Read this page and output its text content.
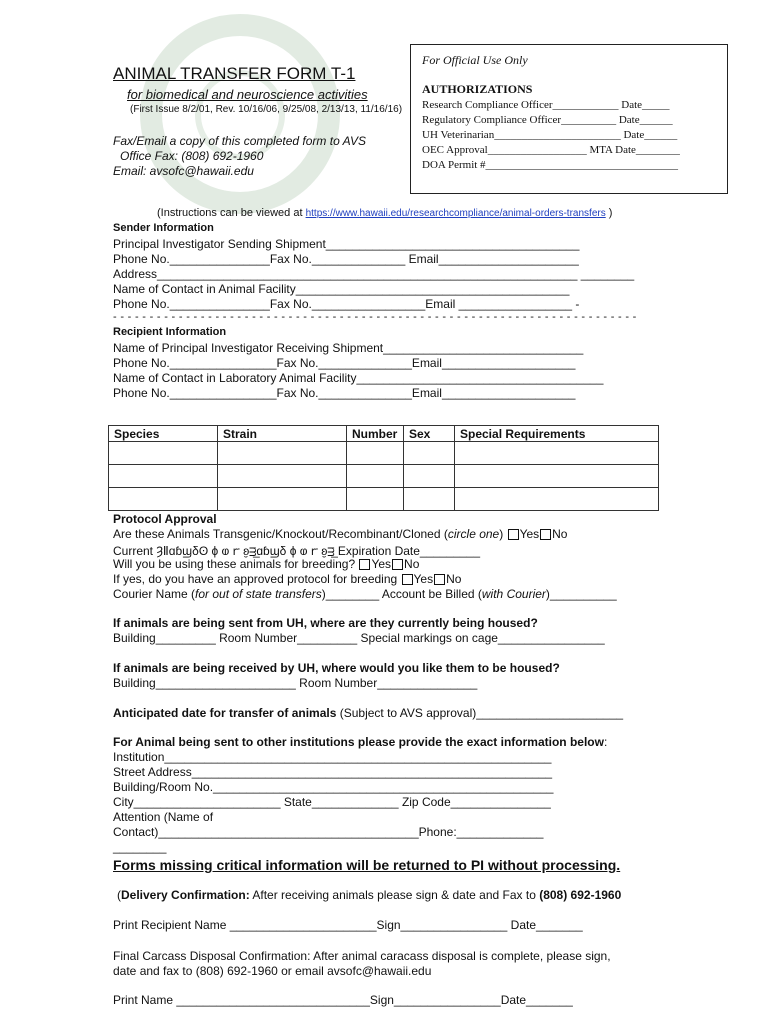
For Official Use Only
AUTHORIZATIONS
Research Compliance Officer____________ Date_____
Regulatory Compliance Officer__________ Date______
UH Veterinarian_______________________ Date______
OEC Approval__________________ MTA Date________
DOA Permit #___________________________________
ANIMAL TRANSFER FORM T-1
for biomedical and neuroscience activities
(First Issue 8/2/01, Rev. 10/16/06, 9/25/08, 2/13/13, 11/16/16)
Fax/Email a copy of this completed form to AVS
Office Fax: (808) 692-1960
Email: avsofc@hawaii.edu
(Instructions can be viewed at https://www.hawaii.edu/researchcompliance/animal-orders-transfers )
Sender Information
Principal Investigator Sending Shipment______________________________________
Phone No._______________Fax No.______________ Email_____________________
Address_______________________________________________________________ ________
Name of Contact in Animal Facility_________________________________________
Phone No._______________Fax No._________________Email _________________ -
- - - - - - - - - - - - - - - - - - - - - - - - - - - - - - - - - - - - - - - - - - - - - - - - - - - - - - - - - - - - - - - - - - - - - - - -
Recipient Information
Name of Principal Investigator Receiving Shipment______________________________
Phone No.________________Fax No.______________Email____________________
Name of Contact in Laboratory Animal Facility_____________________________________
Phone No.________________Fax No.______________Email____________________
Species	Strain	Number	Sex	Special Requirements

Protocol Approval
Are these Animals Transgenic/Knockout/Recombinant/Cloned (circle one) Yes No
Current ȜⅡɑɓϣδʘ ϕ ⱷ ꭈ ʚ̮ᴟ̲ɑɓϣδ ϕ ⱷ ꭈ ʚ̮ᴟ̲ Expiration Date_________
Will you be using these animals for breeding? Yes No
If yes, do you have an approved protocol for breeding Yes No
Courier Name (for out of state transfers)________ Account be Billed (with Courier)__________
If animals are being sent from UH, where are they currently being housed?
Building_________ Room Number_________ Special markings on cage________________
If animals are being received by UH, where would you like them to be housed?
Building_____________________ Room Number_______________
Anticipated date for transfer of animals (Subject to AVS approval)______________________
For Animal being sent to other institutions please provide the exact information below:
Institution__________________________________________________________
Street Address______________________________________________________
Building/Room No.___________________________________________________
City______________________ State_____________ Zip Code_______________
Attention (Name of
Contact)_______________________________________Phone:_____________
________
Forms missing critical information will be returned to PI without processing.
(Delivery Confirmation: After receiving animals please sign & date and Fax to (808) 692-1960
Print Recipient Name ______________________Sign________________ Date_______
Final Carcass Disposal Confirmation: After animal caracass disposal is complete, please sign,
date and fax to (808) 692-1960 or email avsofc@hawaii.edu
Print Name _____________________________Sign________________Date_______
